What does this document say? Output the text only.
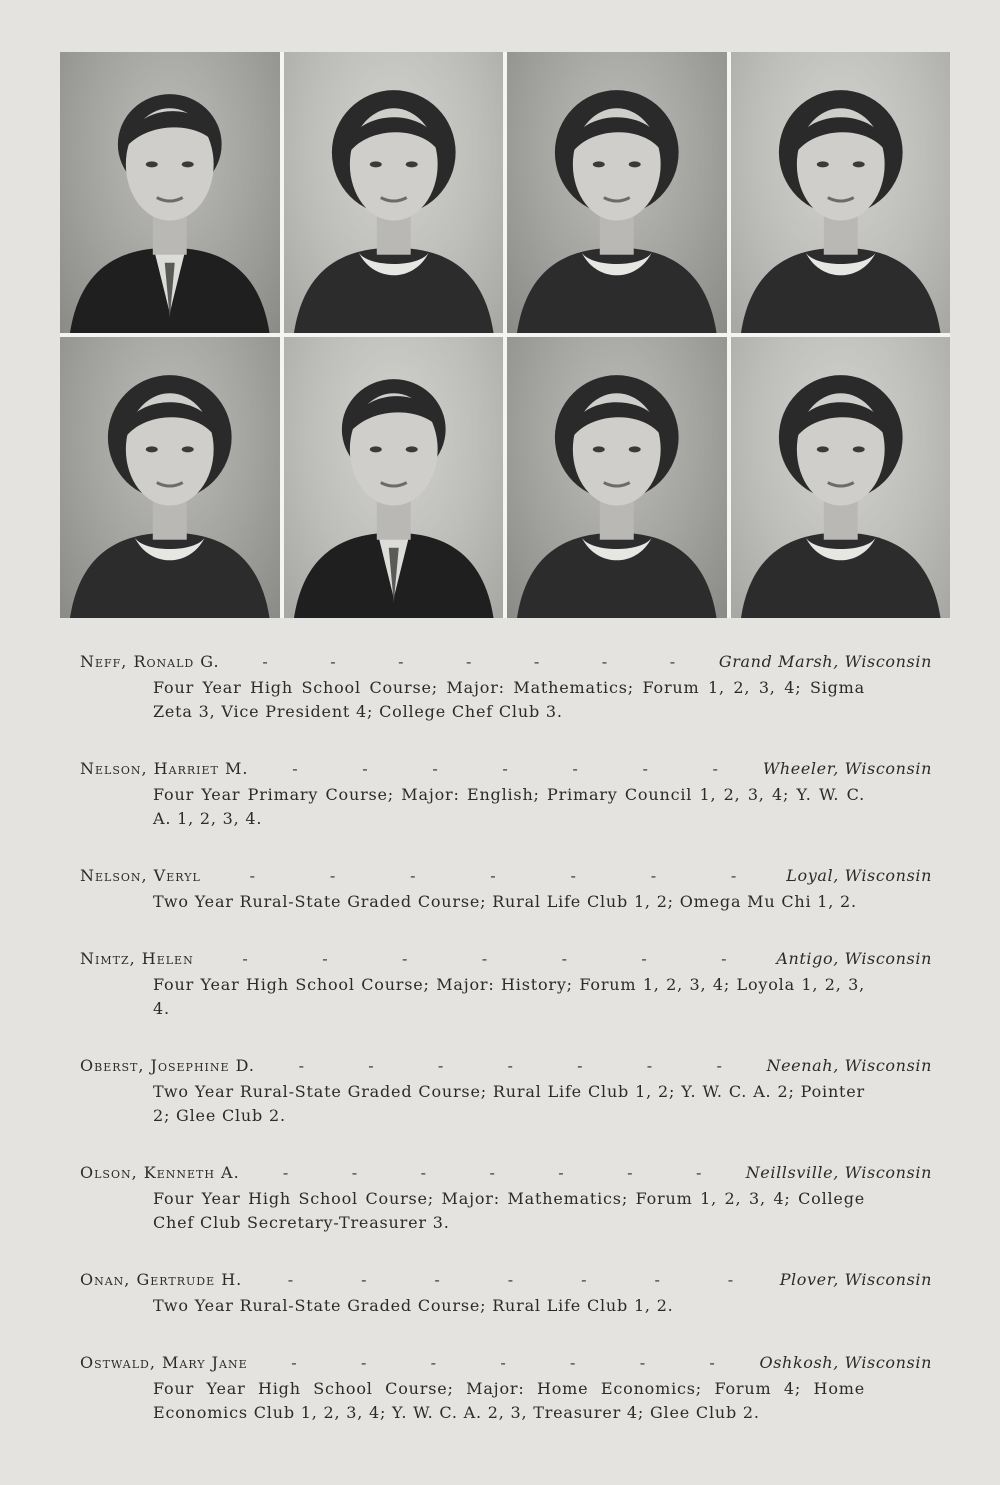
Neff, Ronald G.	-	-	-	-	-	-	-	Grand Marsh, Wisconsin
Four Year High School Course; Major: Mathematics; Forum 1, 2, 3, 4; Sigma Zeta 3, Vice President 4; College Chef Club 3.
Nelson, Harriet M.	-	-	-	-	-	-	-	Wheeler, Wisconsin
Four Year Primary Course; Major: English; Primary Council 1, 2, 3, 4; Y. W. C. A. 1, 2, 3, 4.
Nelson, Veryl	-	-	-	-	-	-	-	Loyal, Wisconsin
Two Year Rural-State Graded Course; Rural Life Club 1, 2; Omega Mu Chi 1, 2.
Nimtz, Helen	-	-	-	-	-	-	-	Antigo, Wisconsin
Four Year High School Course; Major: History; Forum 1, 2, 3, 4; Loyola 1, 2, 3, 4.
Oberst, Josephine D.	-	-	-	-	-	-	-	Neenah, Wisconsin
Two Year Rural-State Graded Course; Rural Life Club 1, 2; Y. W. C. A. 2; Pointer 2; Glee Club 2.
Olson, Kenneth A.	-	-	-	-	-	-	-	Neillsville, Wisconsin
Four Year High School Course; Major: Mathematics; Forum 1, 2, 3, 4; College Chef Club Secretary-Treasurer 3.
Onan, Gertrude H.	-	-	-	-	-	-	-	Plover, Wisconsin
Two Year Rural-State Graded Course; Rural Life Club 1, 2.
Ostwald, Mary Jane	-	-	-	-	-	-	-	Oshkosh, Wisconsin
Four Year High School Course; Major: Home Economics; Forum 4; Home Economics Club 1, 2, 3, 4; Y. W. C. A. 2, 3, Treasurer 4; Glee Club 2.
